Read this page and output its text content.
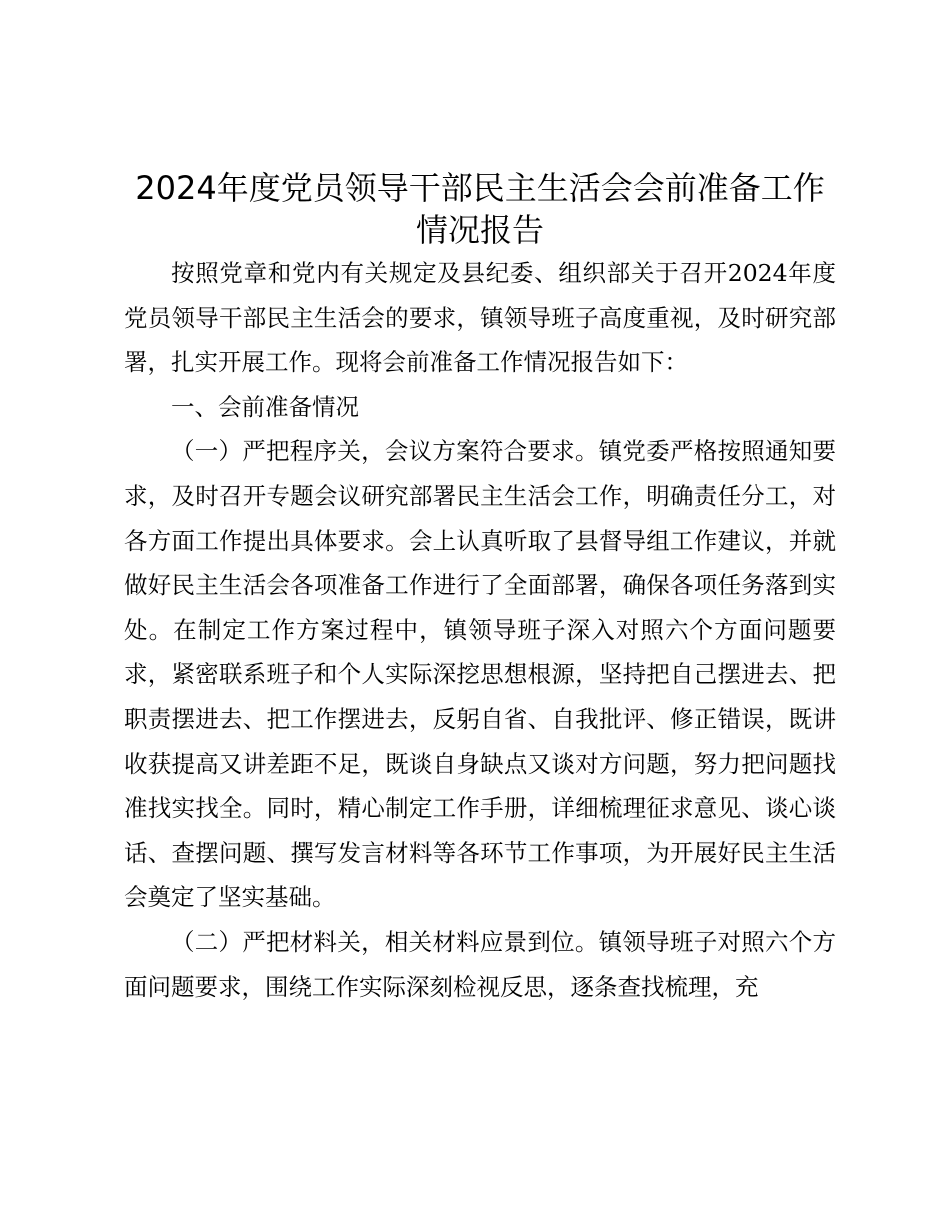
2024年度党员领导干部民主生活会会前准备工作情况报告

按照党章和党内有关规定及县纪委、组织部关于召开2024年度党员领导干部民主生活会的要求，镇领导班子高度重视，及时研究部署，扎实开展工作。现将会前准备工作情况报告如下：

一、会前准备情况

（一）严把程序关，会议方案符合要求。镇党委严格按照通知要求，及时召开专题会议研究部署民主生活会工作，明确责任分工，对各方面工作提出具体要求。会上认真听取了县督导组工作建议，并就做好民主生活会各项准备工作进行了全面部署，确保各项任务落到实处。在制定工作方案过程中，镇领导班子深入对照六个方面问题要求，紧密联系班子和个人实际深挖思想根源，坚持把自己摆进去、把职责摆进去、把工作摆进去，反躬自省、自我批评、修正错误，既讲收获提高又讲差距不足，既谈自身缺点又谈对方问题，努力把问题找准找实找全。同时，精心制定工作手册，详细梳理征求意见、谈心谈话、查摆问题、撰写发言材料等各环节工作事项，为开展好民主生活会奠定了坚实基础。

（二）严把材料关，相关材料应景到位。镇领导班子对照六个方面问题要求，围绕工作实际深刻检视反思，逐条查找梳理，充
